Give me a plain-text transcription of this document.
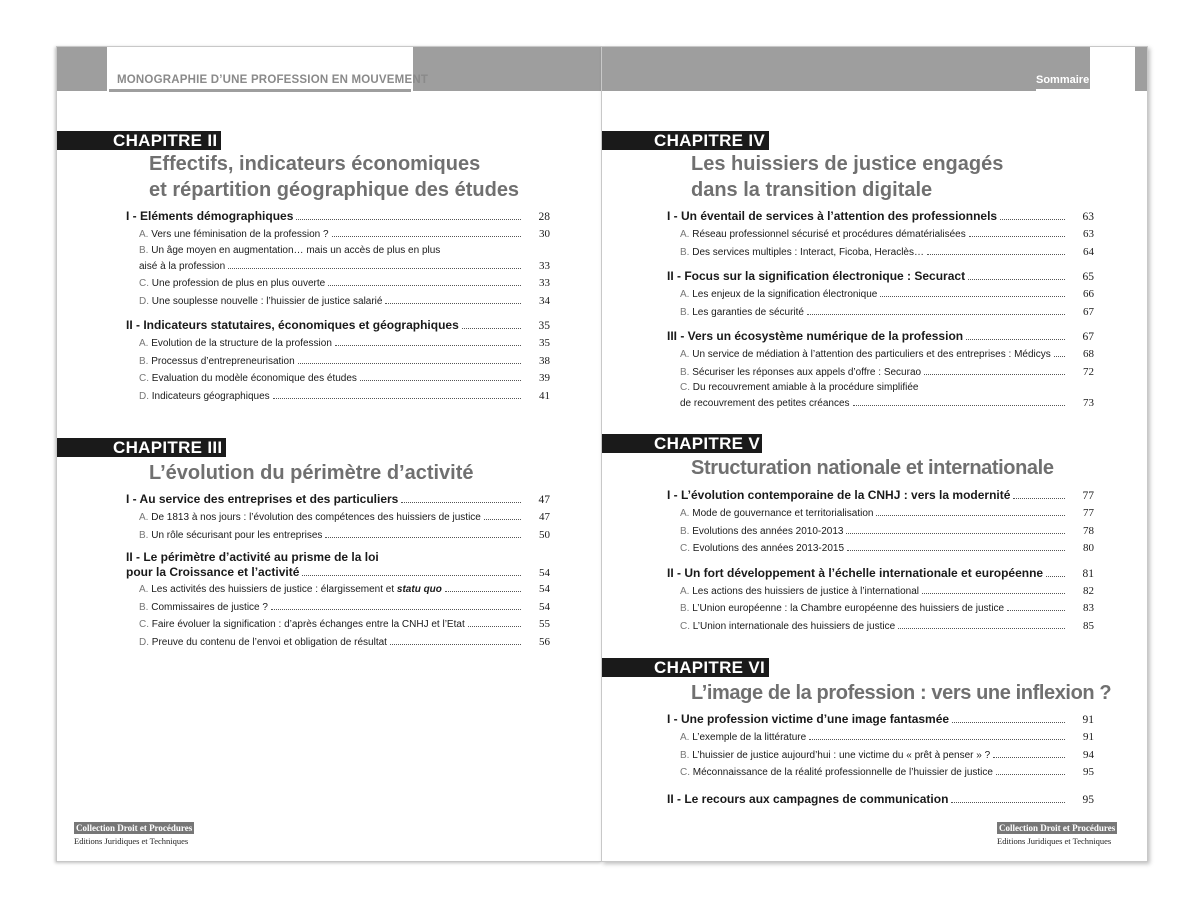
MONOGRAPHIE D’UNE PROFESSION EN MOUVEMENT
CHAPITRE II
Effectifs, indicateurs économiques
et répartition géographique des études
I - Eléments démographiques	28
A. Vers une féminisation de la profession ?	30
B. Un âge moyen en augmentation… mais un accès de plus en plus
aisé à la profession	33
C. Une profession de plus en plus ouverte	33
D. Une souplesse nouvelle : l’huissier de justice salarié	34
II - Indicateurs statutaires, économiques et géographiques	35
A. Evolution de la structure de la profession	35
B. Processus d’entrepreneurisation	38
C. Evaluation du modèle économique des études	39
D. Indicateurs géographiques	41
CHAPITRE III
L’évolution du périmètre d’activité
I - Au service des entreprises et des particuliers	47
A. De 1813 à nos jours : l’évolution des compétences des huissiers de justice	47
B. Un rôle sécurisant pour les entreprises	50
II - Le périmètre d’activité au prisme de la loi
pour la Croissance et l’activité	54
A. Les activités des huissiers de justice : élargissement et statu quo	54
B. Commissaires de justice ?	54
C. Faire évoluer la signification : d’après échanges entre la CNHJ et l’Etat	55
D. Preuve du contenu de l’envoi et obligation de résultat	56
Collection Droit et Procédures
Editions Juridiques et Techniques
Sommaire
CHAPITRE IV
Les huissiers de justice engagés
dans la transition digitale
I - Un éventail de services à l’attention des professionnels	63
A. Réseau professionnel sécurisé et procédures dématérialisées	63
B. Des services multiples : Interact, Ficoba, Heraclès…	64
II - Focus sur la signification électronique : Securact	65
A. Les enjeux de la signification électronique	66
B. Les garanties de sécurité	67
III - Vers un écosystème numérique de la profession	67
A. Un service de médiation à l’attention des particuliers et des entreprises : Médicys	68
B. Sécuriser les réponses aux appels d’offre : Securao	72
C. Du recouvrement amiable à la procédure simplifiée
de recouvrement des petites créances	73
CHAPITRE V
Structuration nationale et internationale
I - L’évolution contemporaine de la CNHJ : vers la modernité	77
A. Mode de gouvernance et territorialisation	77
B. Evolutions des années 2010-2013	78
C. Evolutions des années 2013-2015	80
II - Un fort développement à l’échelle internationale et européenne	81
A. Les actions des huissiers de justice à l’international	82
B. L’Union européenne : la Chambre européenne des huissiers de justice	83
C. L’Union internationale des huissiers de justice	85
CHAPITRE VI
L’image de la profession : vers une inflexion ?
I - Une profession victime d’une image fantasmée	91
A. L’exemple de la littérature	91
B. L’huissier de justice aujourd’hui : une victime du « prêt à penser » ?	94
C. Méconnaissance de la réalité professionnelle de l’huissier de justice	95
II - Le recours aux campagnes de communication	95
Collection Droit et Procédures
Editions Juridiques et Techniques
